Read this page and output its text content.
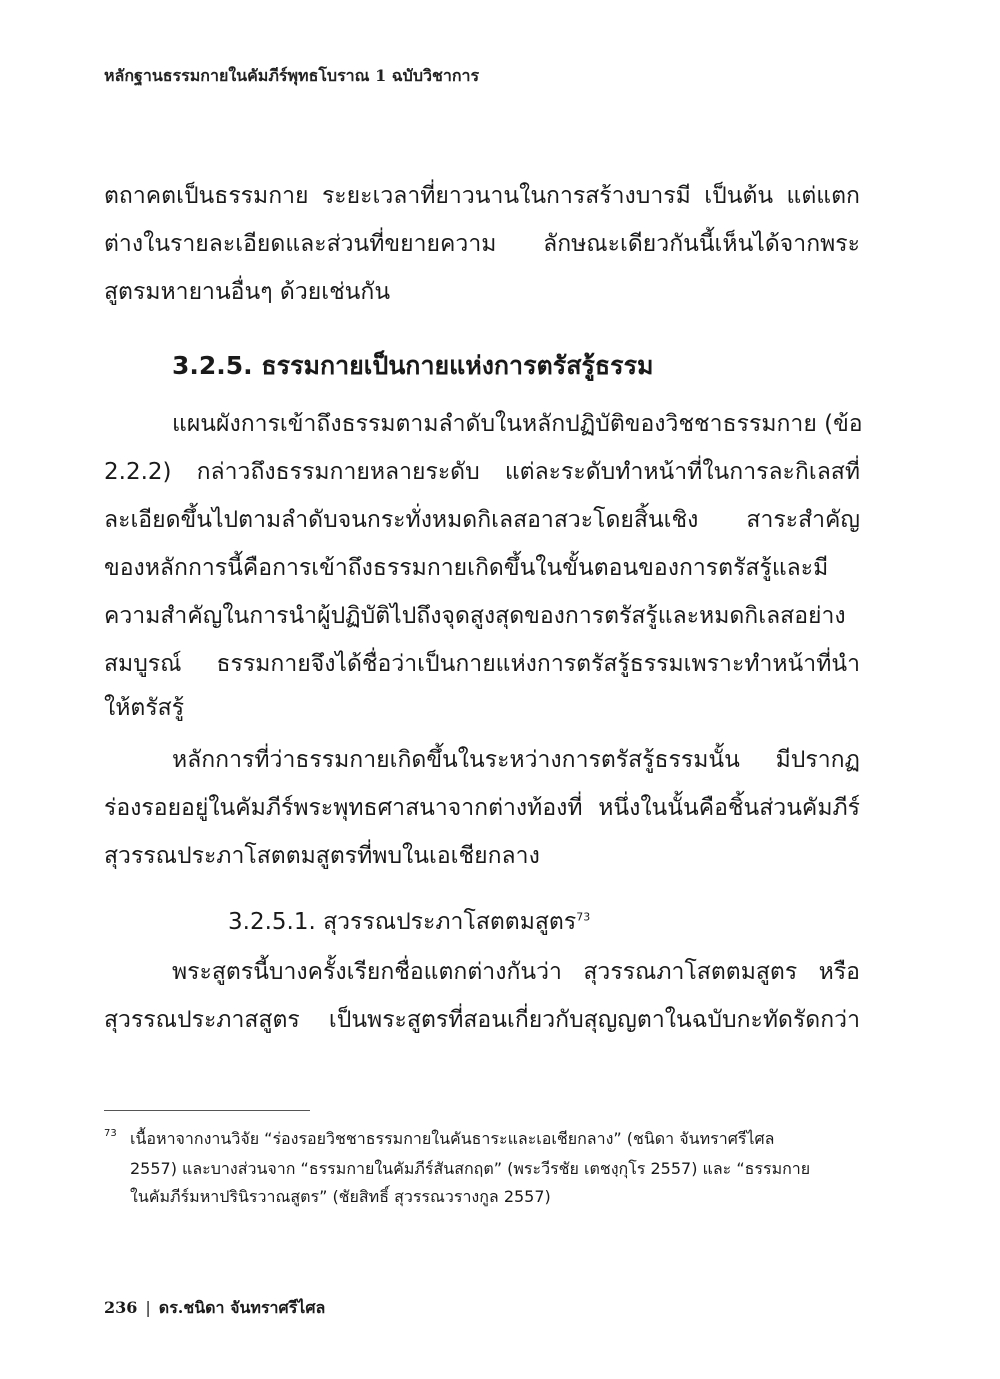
หลักฐานธรรมกายในคัมภีร์พุทธโบราณ 1 ฉบับวิชาการ
ตถาคตเป็นธรรมกาย ระยะเวลาที่ยาวนานในการสร้างบารมี เป็นต้น แต่แตก
ต่างในรายละเอียดและส่วนที่ขยายความ ลักษณะเดียวกันนี้เห็นได้จากพระ
สูตรมหายานอื่นๆ ด้วยเช่นกัน
3.2.5. ธรรมกายเป็นกายแห่งการตรัสรู้ธรรม
แผนผังการเข้าถึงธรรมตามลำดับในหลักปฏิบัติของวิชชาธรรมกาย (ข้อ
2.2.2) กล่าวถึงธรรมกายหลายระดับ แต่ละระดับทำหน้าที่ในการละกิเลสที่
ละเอียดขึ้นไปตามลำดับจนกระทั่งหมดกิเลสอาสวะโดยสิ้นเชิง สาระสำคัญ
ของหลักการนี้คือการเข้าถึงธรรมกายเกิดขึ้นในขั้นตอนของการตรัสรู้และมี
ความสำคัญในการนำผู้ปฏิบัติไปถึงจุดสูงสุดของการตรัสรู้และหมดกิเลสอย่าง
สมบูรณ์ ธรรมกายจึงได้ชื่อว่าเป็นกายแห่งการตรัสรู้ธรรมเพราะทำหน้าที่นำ
ให้ตรัสรู้
หลักการที่ว่าธรรมกายเกิดขึ้นในระหว่างการตรัสรู้ธรรมนั้น มีปรากฏ
ร่องรอยอยู่ในคัมภีร์พระพุทธศาสนาจากต่างท้องที่ หนึ่งในนั้นคือชิ้นส่วนคัมภีร์
สุวรรณประภาโสตตมสูตรที่พบในเอเชียกลาง
3.2.5.1. สุวรรณประภาโสตตมสูตร$^{73}$
พระสูตรนี้บางครั้งเรียกชื่อแตกต่างกันว่า สุวรรณภาโสตตมสูตร หรือ
สุวรรณประภาสสูตร เป็นพระสูตรที่สอนเกี่ยวกับสุญญตาในฉบับกะทัดรัดกว่า
73 เนื้อหาจากงานวิจัย “ร่องรอยวิชชาธรรมกายในคันธาระและเอเชียกลาง” (ชนิดา จันทราศรีไศล
2557) และบางส่วนจาก “ธรรมกายในคัมภีร์สันสกฤต” (พระวีรชัย เตชงฺกุโร 2557) และ “ธรรมกาย
ในคัมภีร์มหาปรินิรวาณสูตร” (ชัยสิทธิ์ สุวรรณวรางกูล 2557)
236 | ดร.ชนิดา จันทราศรีไศล
